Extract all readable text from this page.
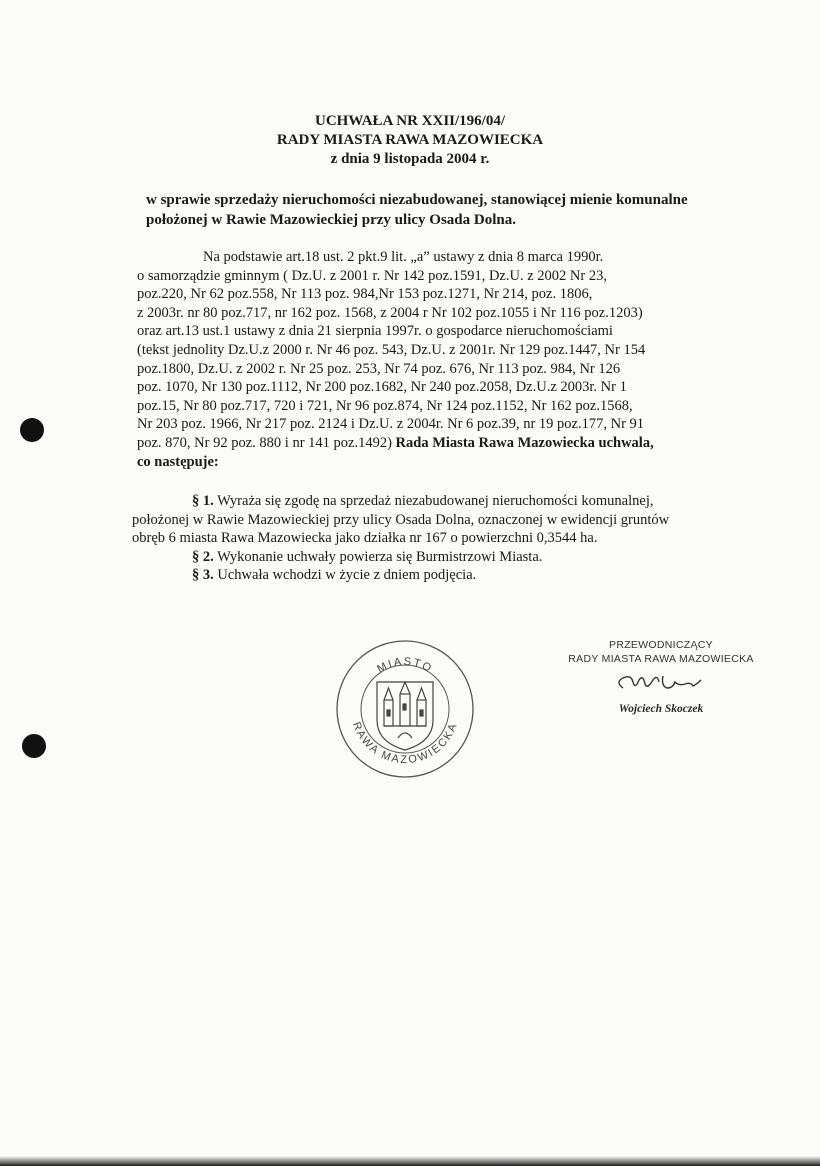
UCHWAŁA NR XXII/196/04/
RADY MIASTA RAWA MAZOWIECKA
z dnia 9 listopada 2004 r.
w sprawie sprzedaży nieruchomości niezabudowanej, stanowiącej mienie komunalne
położonej w Rawie Mazowieckiej przy ulicy Osada Dolna.

Na podstawie art.18 ust. 2 pkt.9 lit. „a” ustawy z dnia 8 marca 1990r.

o samorządzie gminnym ( Dz.U. z 2001 r. Nr 142 poz.1591, Dz.U. z 2002 Nr 23,

poz.220, Nr 62 poz.558, Nr 113 poz. 984,Nr 153 poz.1271, Nr 214, poz. 1806,

z 2003r. nr 80 poz.717, nr 162 poz. 1568, z 2004 r Nr 102 poz.1055 i Nr 116 poz.1203)

oraz art.13 ust.1 ustawy z dnia 21 sierpnia 1997r. o gospodarce nieruchomościami

(tekst jednolity Dz.U.z 2000 r. Nr 46 poz. 543, Dz.U. z 2001r. Nr 129 poz.1447, Nr 154

poz.1800, Dz.U. z 2002 r. Nr 25 poz. 253, Nr 74 poz. 676, Nr 113 poz. 984, Nr 126

poz. 1070, Nr 130 poz.1112, Nr 200 poz.1682, Nr 240 poz.2058, Dz.U.z 2003r. Nr 1

poz.15, Nr 80 poz.717, 720 i 721, Nr 96 poz.874, Nr 124 poz.1152, Nr 162 poz.1568,

Nr 203 poz. 1966, Nr 217 poz. 2124 i Dz.U. z 2004r. Nr 6 poz.39, nr 19 poz.177, Nr 91

poz. 870, Nr 92 poz. 880 i nr 141 poz.1492) Rada Miasta Rawa Mazowiecka uchwala,

co następuje:

§ 1. Wyraża się zgodę na sprzedaż niezabudowanej nieruchomości komunalnej,

położonej w Rawie Mazowieckiej przy ulicy Osada Dolna, oznaczonej w ewidencji gruntów

obręb 6 miasta Rawa Mazowiecka jako działka nr 167 o powierzchni 0,3544 ha.

§ 2. Wykonanie uchwały powierza się Burmistrzowi Miasta.

§ 3. Uchwała wchodzi w życie z dniem podjęcia.

MIASTO
RAWA MAZOWIECKA
PRZEWODNICZĄCY
RADY MIASTA RAWA MAZOWIECKA
Wojciech Skoczek
